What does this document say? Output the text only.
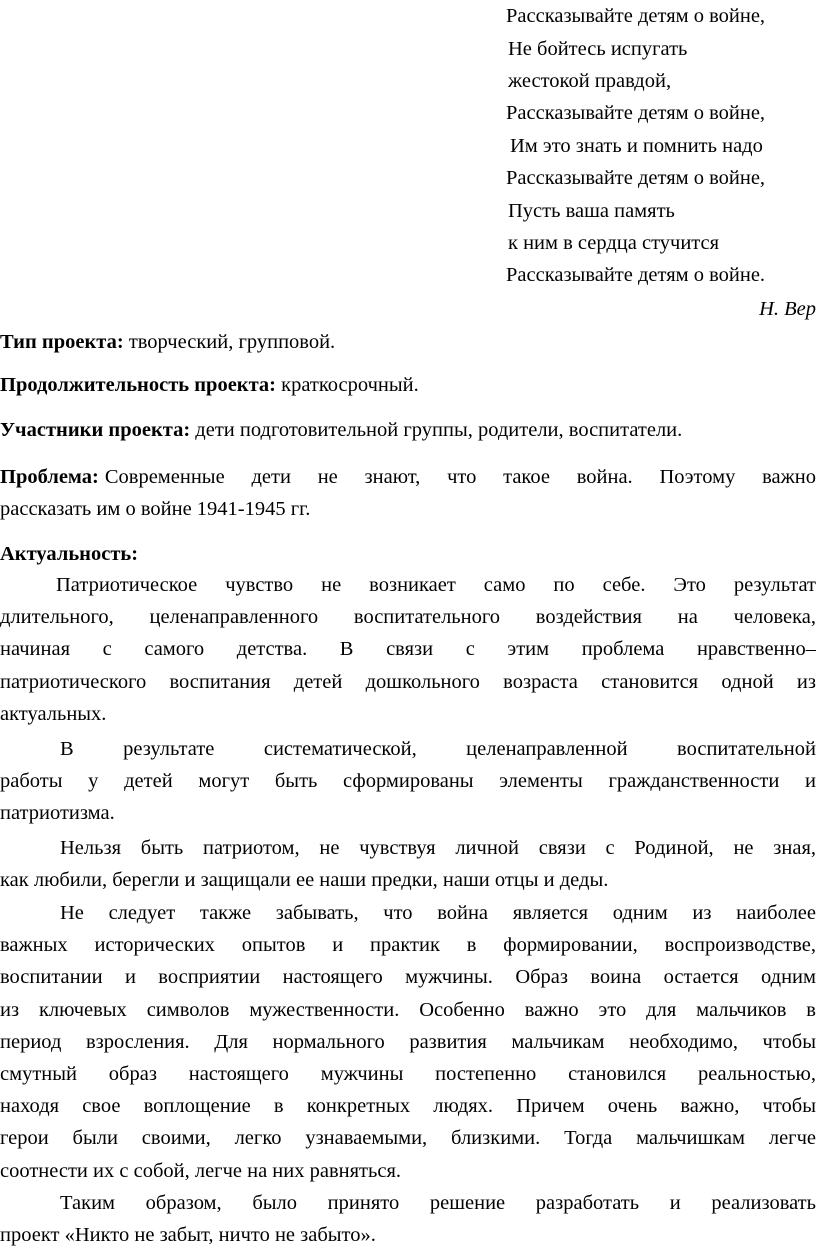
Рассказывайте детям о войне,
Не бойтесь испугать
жестокой правдой,
Рассказывайте детям о войне,
Им это знать и помнить надо
Рассказывайте детям о войне,
Пусть ваша память
к ним в сердца стучится
Рассказывайте детям о войне.
Н. Вер
Тип проекта: творческий, групповой.
Продолжительность проекта: краткосрочный.
Участники проекта: дети подготовительной группы, родители, воспитатели.
Проблема: Современные дети не знают, что такое война. Поэтому важно
рассказать им о войне 1941-1945 гг.
Актуальность:
Патриотическое чувство не возникает само по себе. Это результат
длительного, целенаправленного воспитательного воздействия на человека,
начиная с самого детства. В связи с этим проблема нравственно–
патриотического воспитания детей дошкольного возраста становится одной из
актуальных.
В результате систематической, целенаправленной воспитательной
работы у детей могут быть сформированы элементы гражданственности и
патриотизма.
Нельзя быть патриотом, не чувствуя личной связи с Родиной, не зная,
как любили, берегли и защищали ее наши предки, наши отцы и деды.
Не следует также забывать, что война является одним из наиболее
важных исторических опытов и практик в формировании, воспроизводстве,
воспитании и восприятии настоящего мужчины. Образ воина остается одним
из ключевых символов мужественности. Особенно важно это для мальчиков в
период взросления. Для нормального развития мальчикам необходимо, чтобы
смутный образ настоящего мужчины постепенно становился реальностью,
находя свое воплощение в конкретных людях. Причем очень важно, чтобы
герои были своими, легко узнаваемыми, близкими. Тогда мальчишкам легче
соотнести их с собой, легче на них равняться.
Таким образом, было принято решение разработать и реализовать
проект «Никто не забыт, ничто не забыто».
